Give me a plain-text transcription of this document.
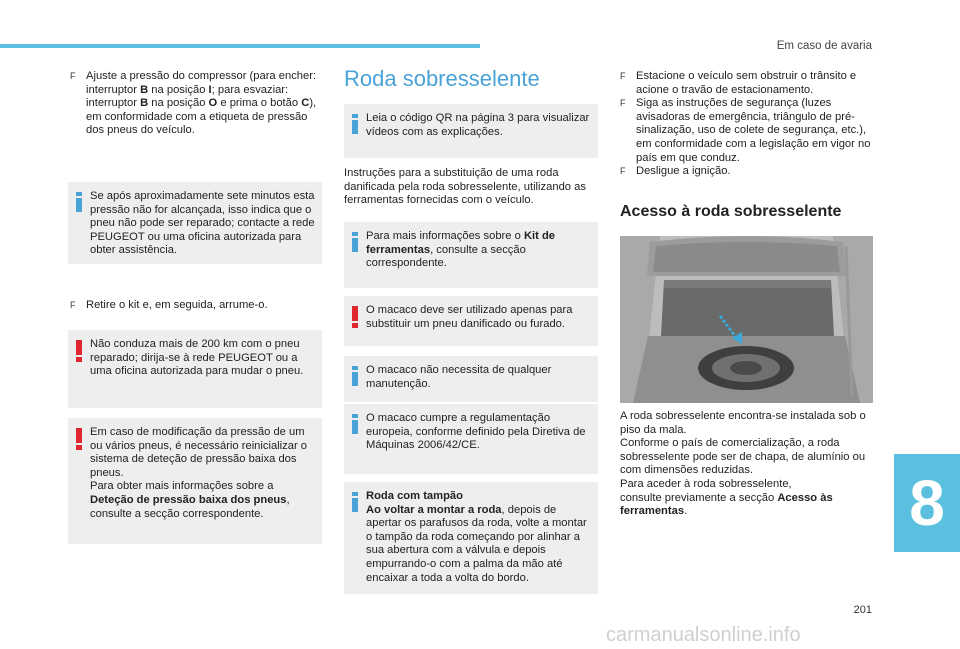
Em caso de avaria
F Ajuste a pressão do compressor (para encher: interruptor B na posição I; para esvaziar: interruptor B na posição O e prima o botão C), em conformidade com a etiqueta de pressão dos pneus do veículo.
Se após aproximadamente sete minutos esta pressão não for alcançada, isso indica que o pneu não pode ser reparado; contacte a rede PEUGEOT ou uma oficina autorizada para obter assistência.
F Retire o kit e, em seguida, arrume-o.
Não conduza mais de 200 km com o pneu reparado; dirija-se à rede PEUGEOT ou a uma oficina autorizada para mudar o pneu.
Em caso de modificação da pressão de um ou vários pneus, é necessário reinicializar o sistema de deteção de pressão baixa dos pneus.
Para obter mais informações sobre a Deteção de pressão baixa dos pneus, consulte a secção correspondente.
Roda sobresselente
Leia o código QR na página 3 para visualizar vídeos com as explicações.
Instruções para a substituição de uma roda danificada pela roda sobresselente, utilizando as ferramentas fornecidas com o veículo.
Para mais informações sobre o Kit de ferramentas, consulte a secção correspondente.
O macaco deve ser utilizado apenas para substituir um pneu danificado ou furado.
O macaco não necessita de qualquer manutenção.
O macaco cumpre a regulamentação europeia, conforme definido pela Diretiva de Máquinas 2006/42/CE.
Roda com tampão
Ao voltar a montar a roda, depois de apertar os parafusos da roda, volte a montar o tampão da roda começando por alinhar a sua abertura com a válvula e depois empurrando-o com a palma da mão até encaixar a toda a volta do bordo.
F Estacione o veículo sem obstruir o trânsito e acione o travão de estacionamento.
F Siga as instruções de segurança (luzes avisadoras de emergência, triângulo de pré-sinalização, uso de colete de segurança, etc.), em conformidade com a legislação em vigor no país em que conduz.
F Desligue a ignição.
Acesso à roda sobresselente
A roda sobresselente encontra-se instalada sob o piso da mala.
Conforme o país de comercialização, a roda sobresselente pode ser de chapa, de alumínio ou com dimensões reduzidas.
Para aceder à roda sobresselente,
consulte previamente a secção Acesso às ferramentas.	8
201
carmanualsonline.info
